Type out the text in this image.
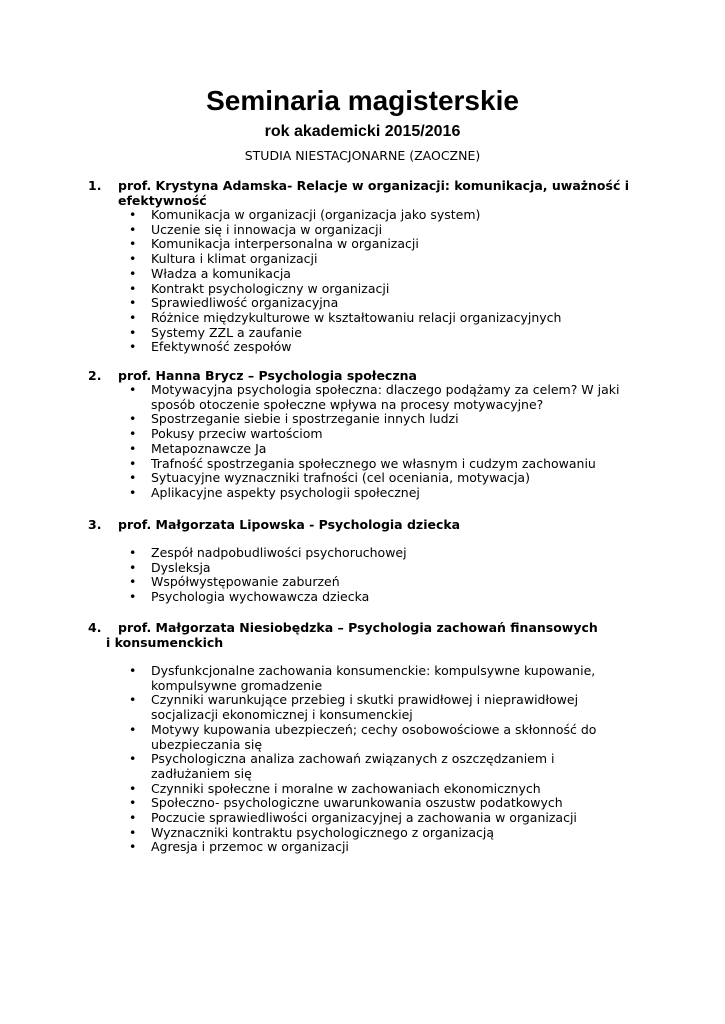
Seminaria magisterskie
rok akademicki 2015/2016
STUDIA NIESTACJONARNE (ZAOCZNE)
1. prof. Krystyna Adamska- Relacje w organizacji: komunikacja, uważność i
efektywność
• Komunikacja w organizacji (organizacja jako system)
• Uczenie się i innowacja w organizacji
• Komunikacja interpersonalna w organizacji
• Kultura i klimat organizacji
• Władza a komunikacja
• Kontrakt psychologiczny w organizacji
• Sprawiedliwość organizacyjna
• Różnice międzykulturowe w kształtowaniu relacji organizacyjnych
• Systemy ZZL a zaufanie
• Efektywność zespołów
2. prof. Hanna Brycz – Psychologia społeczna
• Motywacyjna psychologia społeczna: dlaczego podążamy za celem? W jaki sposób otoczenie społeczne wpływa na procesy motywacyjne?
• Spostrzeganie siebie i spostrzeganie innych ludzi
• Pokusy przeciw wartościom
• Metapoznawcze Ja
• Trafność spostrzegania społecznego we własnym i cudzym zachowaniu
• Sytuacyjne wyznaczniki trafności (cel oceniania, motywacja)
• Aplikacyjne aspekty psychologii społecznej
3. prof. Małgorzata Lipowska - Psychologia dziecka
• Zespół nadpobudliwości psychoruchowej
• Dysleksja
• Współwystępowanie zaburzeń
• Psychologia wychowawcza dziecka
4. prof. Małgorzata Niesiobędzka – Psychologia zachowań finansowych
i konsumenckich
• Dysfunkcjonalne zachowania konsumenckie: kompulsywne kupowanie, kompulsywne gromadzenie
• Czynniki warunkujące przebieg i skutki prawidłowej i nieprawidłowej socjalizacji ekonomicznej i konsumenckiej
• Motywy kupowania ubezpieczeń; cechy osobowościowe a skłonność do ubezpieczania się
• Psychologiczna analiza zachowań związanych z oszczędzaniem i zadłużaniem się
• Czynniki społeczne i moralne w zachowaniach ekonomicznych
• Społeczno- psychologiczne uwarunkowania oszustw podatkowych
• Poczucie sprawiedliwości organizacyjnej a zachowania w organizacji
• Wyznaczniki kontraktu psychologicznego z organizacją
• Agresja i przemoc w organizacji
